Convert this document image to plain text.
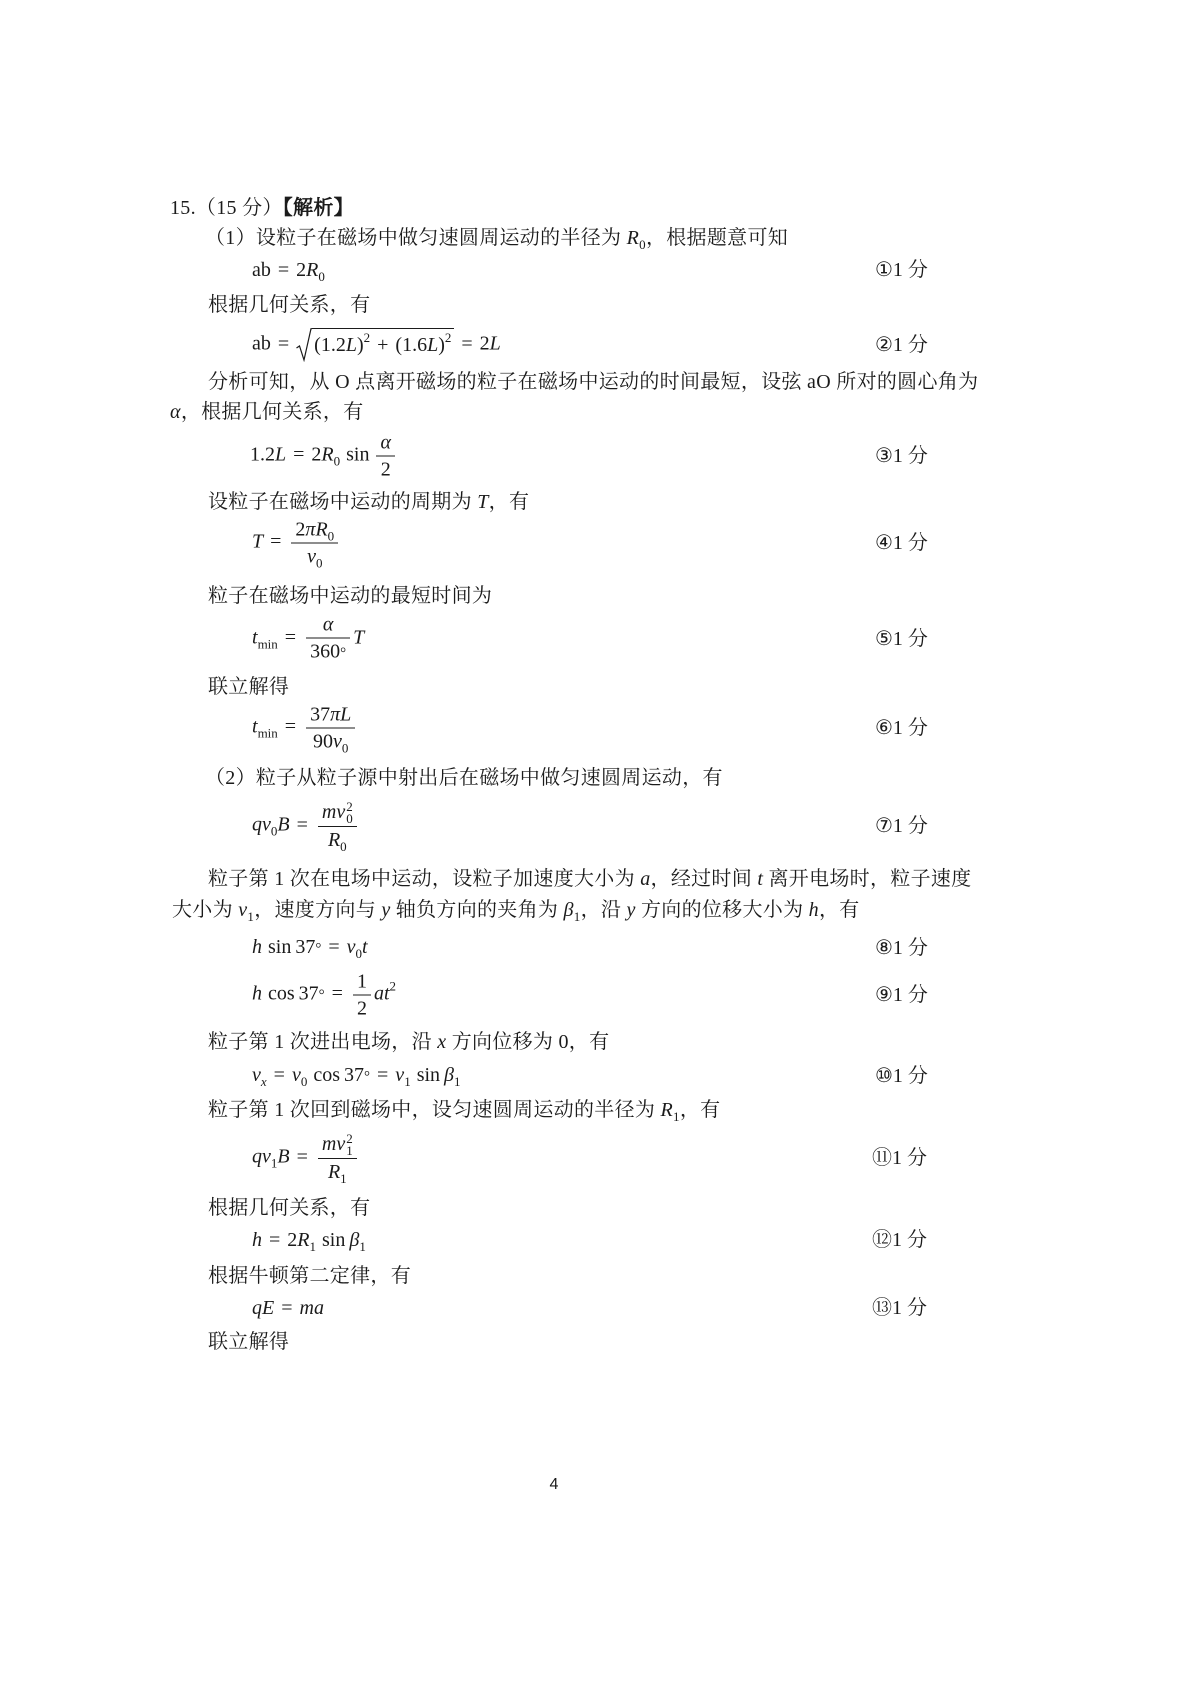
15.（15 分）【解析】
（1）设粒子在磁场中做匀速圆周运动的半径为 $R_0$，根据题意可知
ab = $2R_0$	①1 分
根据几何关系，有
ab = $(1.2L)^2 + (1.6L)^2 = 2L$	②1 分
分析可知，从 O 点离开磁场的粒子在磁场中运动的时间最短，设弦 aO 所对的圆心角为
α，根据几何关系，有
$1.2L = 2R_0$ $\sin \frac{\alpha}{2}$	③1 分
设粒子在磁场中运动的周期为 T，有
$T = \frac{2\pi R_0}{v_0}$	④1 分
粒子在磁场中运动的最短时间为
$t_{min} = \frac{\alpha}{360^\circ}$ T	⑤1 分
联立解得
$t_{min} = \frac{37\pi L}{90v_0}$	⑥1 分
（2）粒子从粒子源中射出后在磁场中做匀速圆周运动，有
$qv_0B$ = mv 2
0
$R_0$	⑦1 分
粒子第 1 次在电场中运动，设粒子加速度大小为 a，经过时间 t 离开电场时，粒子速度
大小为 $v_1$，速度方向与 y 轴负方向的夹角为 $\beta_1$，沿 y 方向的位移大小为 h，有
h $\sin 37^\circ = v_0t$	⑧1 分
h $\cos 37^\circ = \frac{1}{2} at^2$	⑨1 分
粒子第 1 次进出电场，沿 x 方向位移为 0，有
$v_x = v_0$ $\cos 37^\circ = v_1$ $\sin \beta_1$	⑩1 分
粒子第 1 次回到磁场中，设匀速圆周运动的半径为 $R_1$，有
$qv_1B$ = mv 2
1
$R_1$	⑪1 分
根据几何关系，有
$h = 2R_1$ $\sin \beta_1$	⑫1 分
根据牛顿第二定律，有
qE = ma	⑬1 分
联立解得
4
